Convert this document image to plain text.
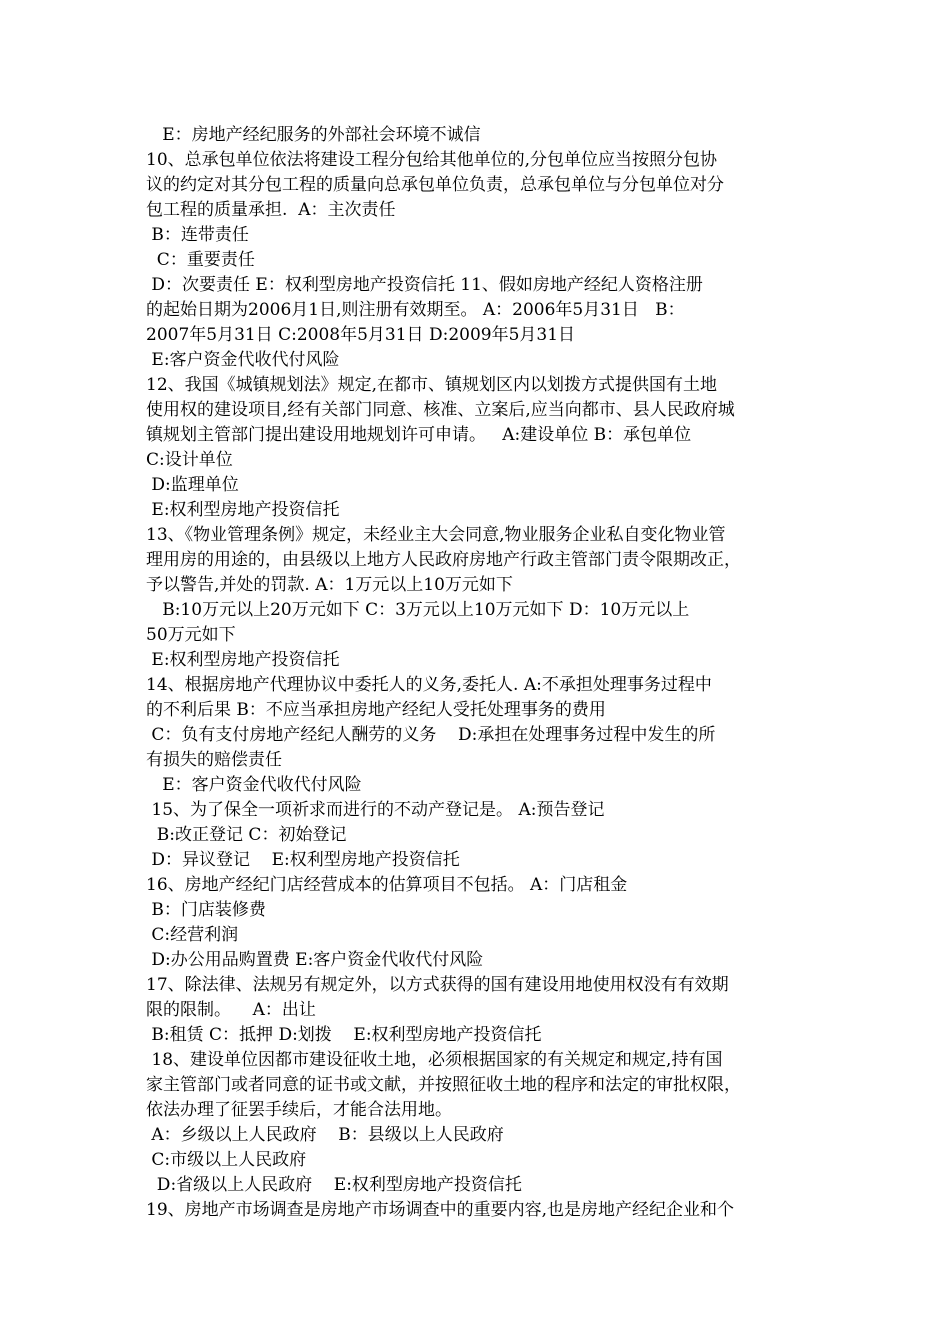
E：房地产经纪服务的外部社会环境不诚信
10、总承包单位依法将建设工程分包给其他单位的,分包单位应当按照分包协
议的约定对其分包工程的质量向总承包单位负责，总承包单位与分包单位对分
包工程的质量承担.  A：主次责任
B：连带责任
C：重要责任
D：次要责任 E：权利型房地产投资信托 11、假如房地产经纪人资格注册
的起始日期为2006月1日,则注册有效期至。 A：2006年5月31日   B：
2007年5月31日 C:2008年5月31日 D:2009年5月31日
E:客户资金代收代付风险
12、我国《城镇规划法》规定,在都市、镇规划区内以划拨方式提供国有土地
使用权的建设项目,经有关部门同意、核准、立案后,应当向都市、县人民政府城
镇规划主管部门提出建设用地规划许可申请。   A:建设单位 B：承包单位
C:设计单位
D:监理单位
E:权利型房地产投资信托
13、《物业管理条例》规定，未经业主大会同意,物业服务企业私自变化物业管
理用房的用途的，由县级以上地方人民政府房地产行政主管部门责令限期改正，
予以警告,并处的罚款. A：1万元以上10万元如下
B:10万元以上20万元如下 C：3万元以上10万元如下 D：10万元以上
50万元如下
E:权利型房地产投资信托
14、根据房地产代理协议中委托人的义务,委托人. A:不承担处理事务过程中
的不利后果 B：不应当承担房地产经纪人受托处理事务的费用
C：负有支付房地产经纪人酬劳的义务    D:承担在处理事务过程中发生的所
有损失的赔偿责任
E：客户资金代收代付风险
15、为了保全一项祈求而进行的不动产登记是。 A:预告登记
B:改正登记 C：初始登记
D：异议登记    E:权利型房地产投资信托
16、房地产经纪门店经营成本的估算项目不包括。 A：门店租金
B：门店装修费
C:经营利润
D:办公用品购置费 E:客户资金代收代付风险
17、除法律、法规另有规定外，以方式获得的国有建设用地使用权没有有效期
限的限制。    A：出让
B:租赁 C：抵押 D:划拨    E:权利型房地产投资信托
18、建设单位因都市建设征收土地，必须根据国家的有关规定和规定,持有国
家主管部门或者同意的证书或文献，并按照征收土地的程序和法定的审批权限，
依法办理了征罢手续后，才能合法用地。
A：乡级以上人民政府    B：县级以上人民政府
C:市级以上人民政府
D:省级以上人民政府    E:权利型房地产投资信托
19、房地产市场调查是房地产市场调查中的重要内容,也是房地产经纪企业和个
